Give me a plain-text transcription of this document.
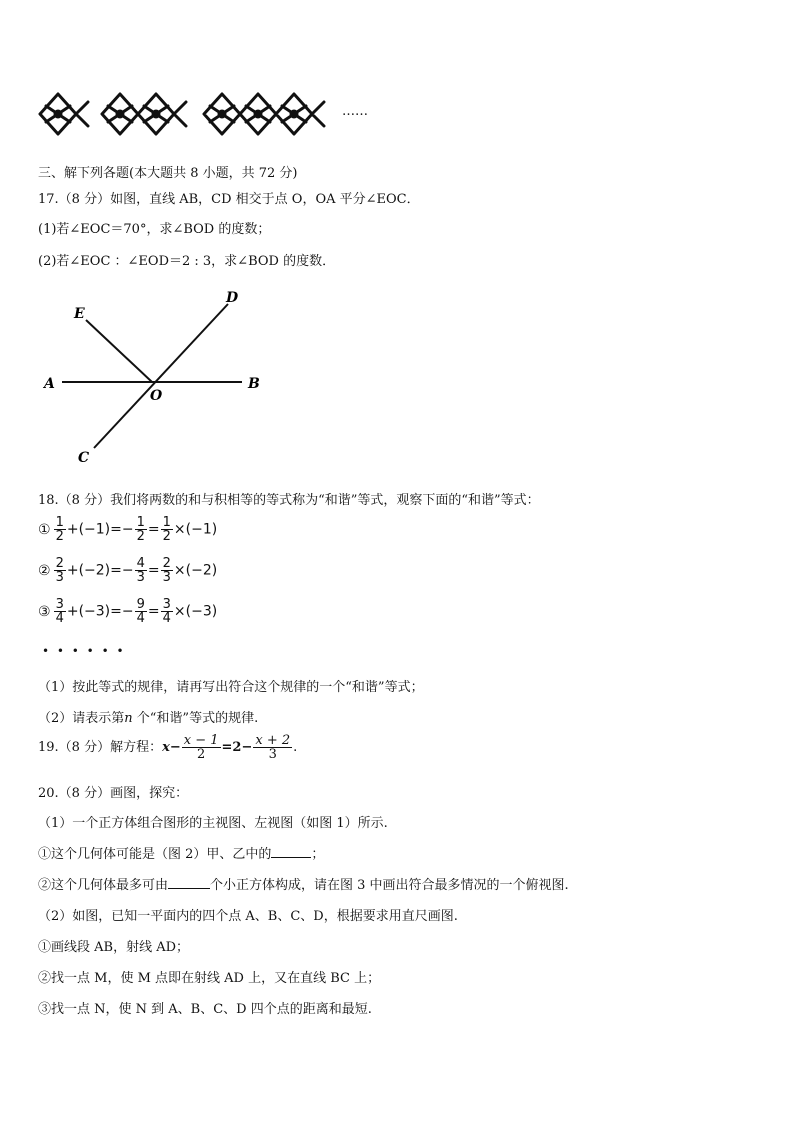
……
三、解下列各题(本大题共 8 小题，共 72 分)
17.（8 分）如图，直线 AB，CD 相交于点 O，OA 平分∠EOC．
(1)若∠EOC＝70°，求∠BOD 的度数；
(2)若∠EOC ：∠EOD＝2 : 3，求∠BOD 的度数．
E
D
A
O
B
C
18.（8 分）我们将两数的和与积相等的等式称为“和谐”等式，观察下面的“和谐”等式：
① $\frac{1}{2} +(-1)=- \frac{1}{2} = \frac{1}{2} \times(-1)$
② $\frac{2}{3} +(-2)=- \frac{4}{3} = \frac{2}{3} \times(-2)$
③ $\frac{3}{4} +(-3)=- \frac{9}{4} = \frac{3}{4} \times(-3)$
• • • • • •
（1）按此等式的规律，请再写出符合这个规律的一个“和谐”等式；
（2）请表示第n 个“和谐”等式的规律.
19.（8 分）解方程：$x- \frac{x - 1}{2} =2- \frac{x + 2}{3}$ .
20.（8 分）画图，探究：
（1）一个正方体组合图形的主视图、左视图（如图 1）所示.
①这个几何体可能是（图 2）甲、乙中的	；
②这个几何体最多可由	个小正方体构成，请在图 3 中画出符合最多情况的一个俯视图.
（2）如图，已知一平面内的四个点 A、B、C、D，根据要求用直尺画图.
①画线段 AB，射线 AD；
②找一点 M，使 M 点即在射线 AD 上，又在直线 BC 上；
③找一点 N，使 N 到 A、B、C、D 四个点的距离和最短.
